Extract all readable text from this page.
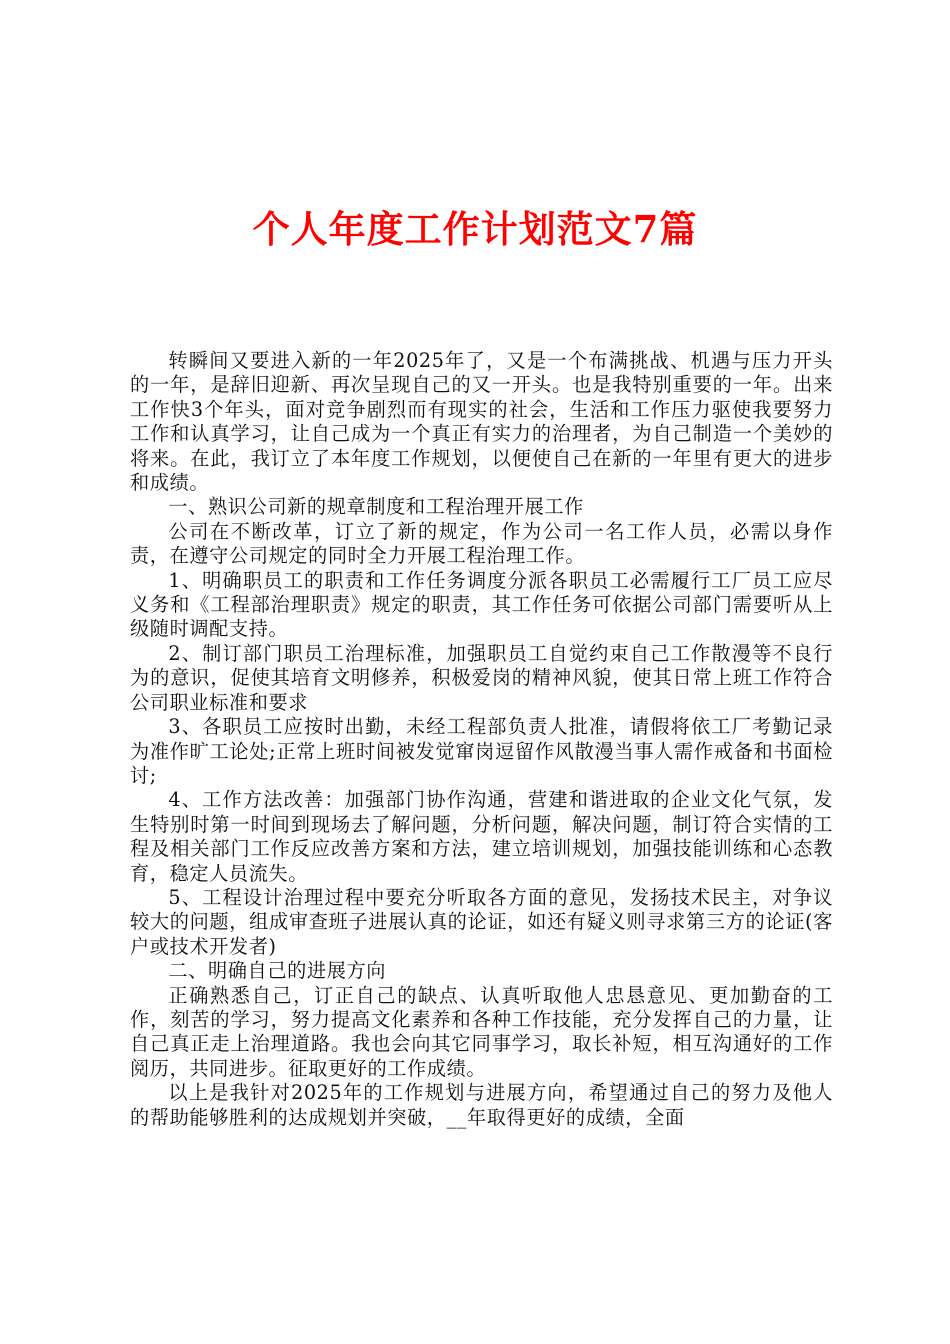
个人年度工作计划范文7篇

转瞬间又要进入新的一年2025年了，又是一个布满挑战、机遇与压力开头的一年，是辞旧迎新、再次呈现自己的又一开头。也是我特别重要的一年。出来工作快3个年头，面对竞争剧烈而有现实的社会，生活和工作压力驱使我要努力工作和认真学习，让自己成为一个真正有实力的治理者，为自己制造一个美妙的将来。在此，我订立了本年度工作规划，以便使自己在新的一年里有更大的进步和成绩。

一、熟识公司新的规章制度和工程治理开展工作

公司在不断改革，订立了新的规定，作为公司一名工作人员，必需以身作责，在遵守公司规定的同时全力开展工程治理工作。

1、明确职员工的职责和工作任务调度分派各职员工必需履行工厂员工应尽义务和《工程部治理职责》规定的职责，其工作任务可依据公司部门需要听从上级随时调配支持。

2、制订部门职员工治理标准，加强职员工自觉约束自己工作散漫等不良行为的意识，促使其培育文明修养，积极爱岗的精神风貌，使其日常上班工作符合公司职业标准和要求

3、各职员工应按时出勤，未经工程部负责人批准，请假将依工厂考勤记录为准作旷工论处;正常上班时间被发觉窜岗逗留作风散漫当事人需作戒备和书面检讨;

4、工作方法改善：加强部门协作沟通，营建和谐进取的企业文化气氛，发生特别时第一时间到现场去了解问题，分析问题，解决问题，制订符合实情的工程及相关部门工作反应改善方案和方法，建立培训规划，加强技能训练和心态教育，稳定人员流失。

5、工程设计治理过程中要充分听取各方面的意见，发扬技术民主，对争议较大的问题，组成审查班子进展认真的论证，如还有疑义则寻求第三方的论证(客户或技术开发者)

二、明确自己的进展方向

正确熟悉自己，订正自己的缺点、认真听取他人忠恳意见、更加勤奋的工作，刻苦的学习，努力提高文化素养和各种工作技能，充分发挥自己的力量，让自己真正走上治理道路。我也会向其它同事学习，取长补短，相互沟通好的工作阅历，共同进步。征取更好的工作成绩。

以上是我针对2025年的工作规划与进展方向，希望通过自己的努力及他人的帮助能够胜利的达成规划并突破，__年取得更好的成绩，全面
